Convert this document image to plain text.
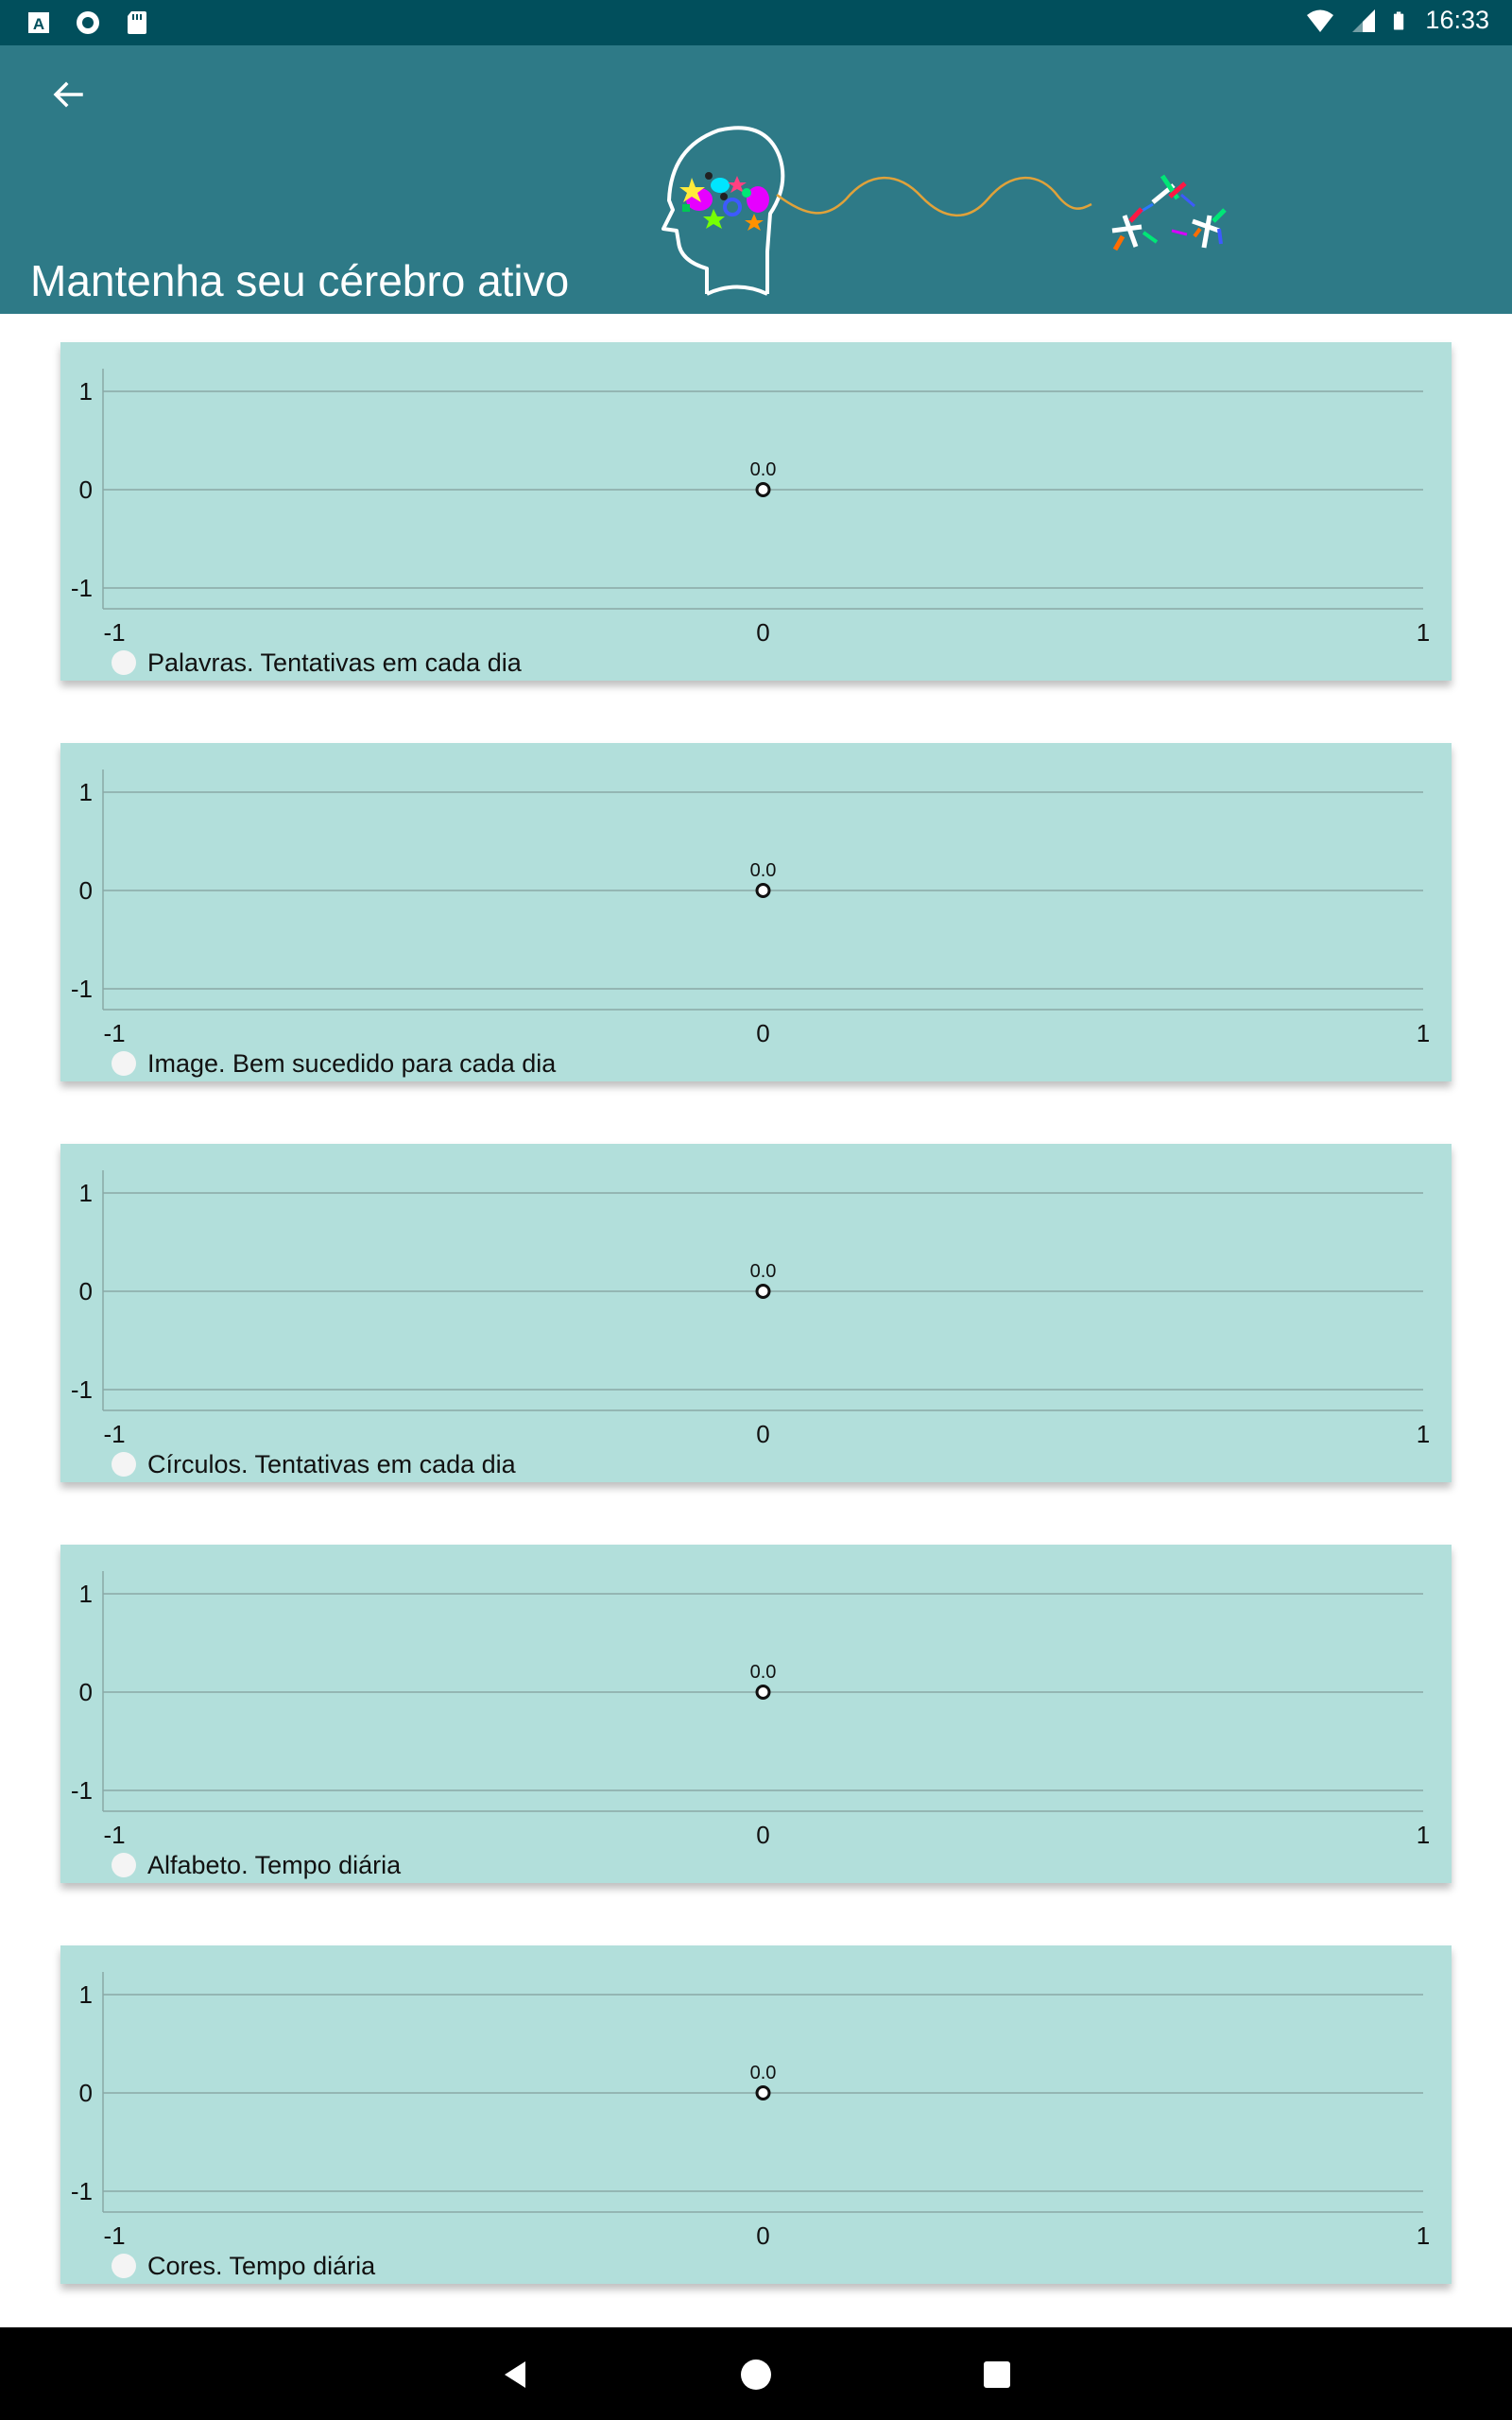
A	16:33
Mantenha seu cérebro ativo
1
0
-1
-1	0	1
0.0
Palavras. Tentativas em cada dia
1
0
-1
-1	0	1
0.0
Image. Bem sucedido para cada dia
1
0
-1
-1	0	1
0.0
Círculos. Tentativas em cada dia
1
0
-1
-1	0	1
0.0
Alfabeto. Tempo diária
1
0
-1
-1	0	1
0.0
Cores. Tempo diária
